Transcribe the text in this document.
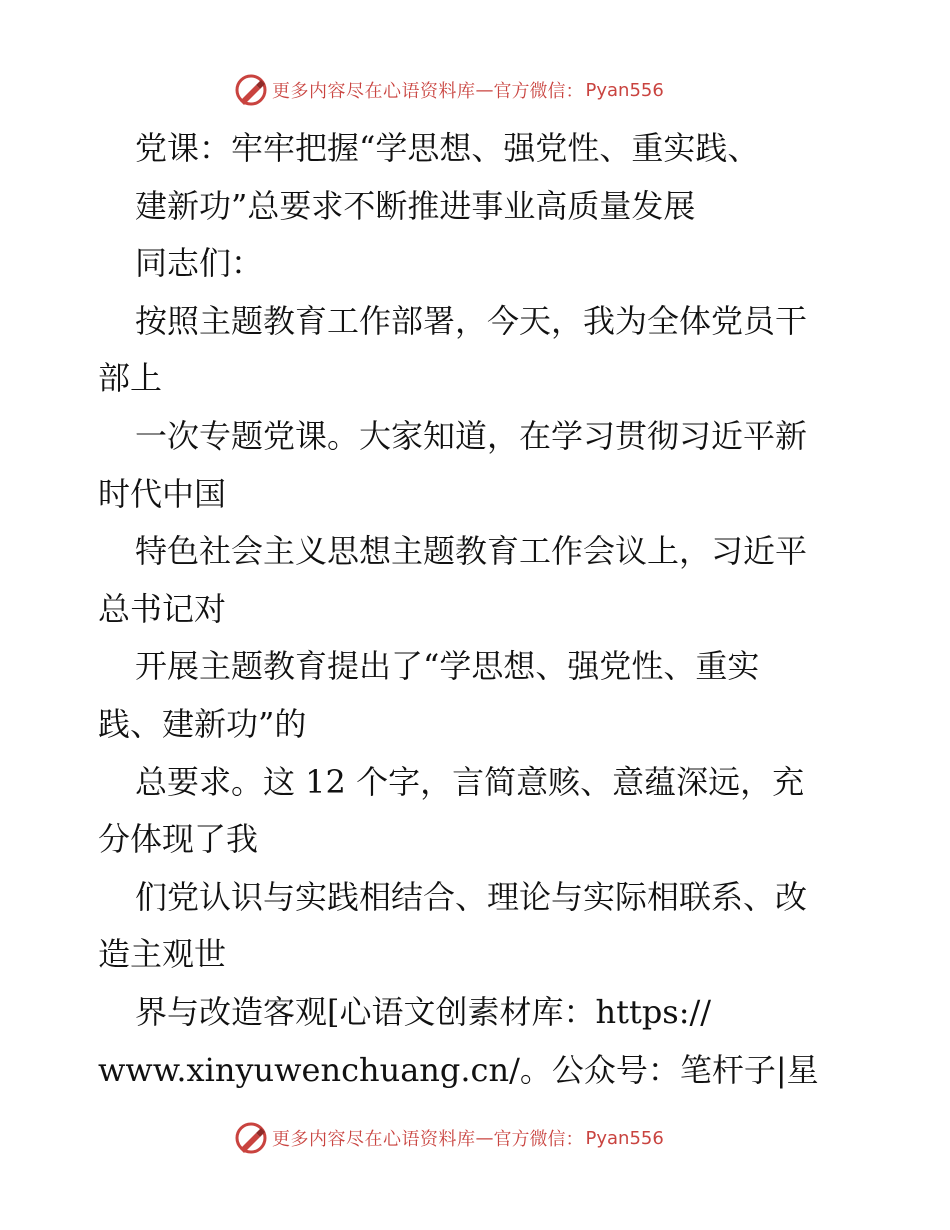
更多内容尽在心语资料库 — 官方微信： Pyan556
党课：牢牢把握“学思想、强党性、重实践、
建新功”总要求不断推进事业高质量发展
同志们：
按照主题教育工作部署，今天，我为全体党员干
部上
一次专题党课。大家知道，在学习贯彻习近平新
时代中国
特色社会主义思想主题教育工作会议上，习近平
总书记对
开展主题教育提出了“学思想、强党性、重实
践、建新功”的
总要求。这 12 个字，言简意赅、意蕴深远，充
分体现了我
们党认识与实践相结合、理论与实际相联系、改
造主观世
界与改造客观[心语文创素材库：https://
www.xinyuwenchuang.cn/。公众号：笔杆子|星
更多内容尽在心语资料库 — 官方微信： Pyan556
